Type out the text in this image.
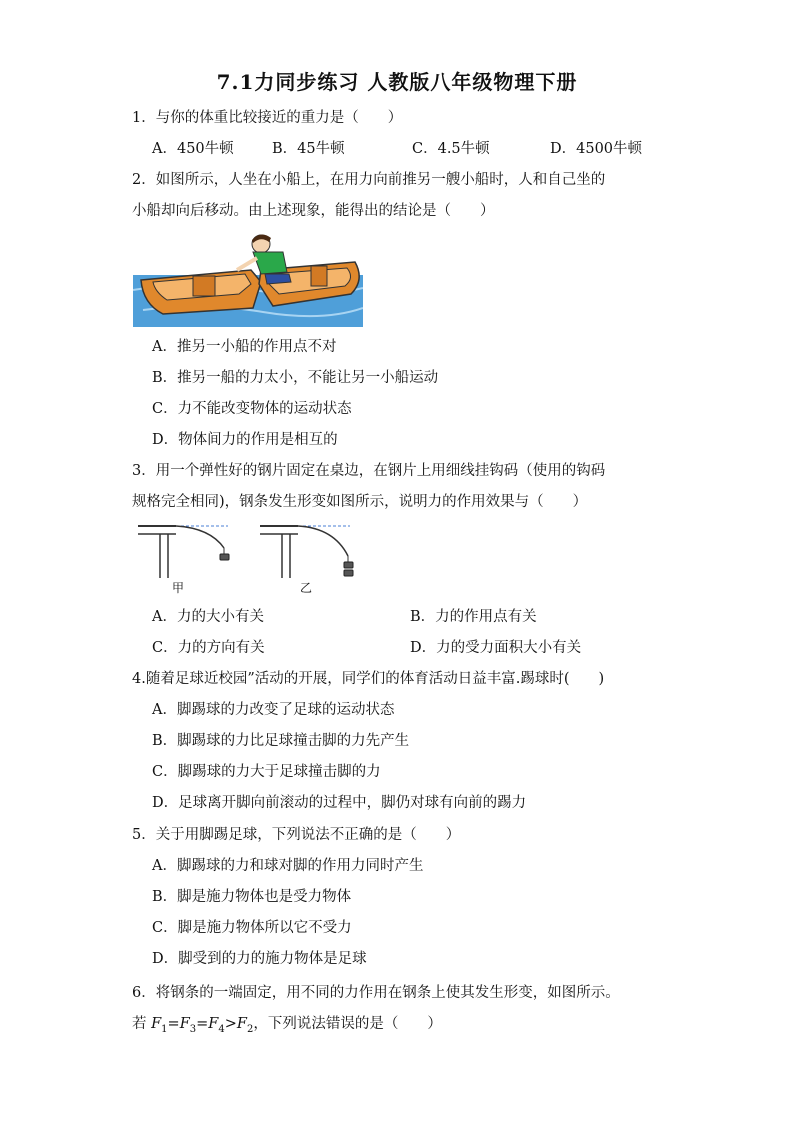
7.1力同步练习 人教版八年级物理下册
1．与你的体重比较接近的重力是（　　）
A．450牛顿	B．45牛顿	C．4.5牛顿	D．4500牛顿
2．如图所示，人坐在小船上，在用力向前推另一艘小船时，人和自己坐的
小船却向后移动。由上述现象，能得出的结论是（　　）
A．推另一小船的作用点不对
B．推另一船的力太小，不能让另一小船运动
C．力不能改变物体的运动状态
D．物体间力的作用是相互的
3．用一个弹性好的钢片固定在桌边，在钢片上用细线挂钩码（使用的钩码
规格完全相同)，钢条发生形变如图所示，说明力的作用效果与（　　）
甲	乙
A．力的大小有关	B．力的作用点有关
C．力的方向有关	D．力的受力面积大小有关
4.随着足球近校园”活动的开展，同学们的体育活动日益丰富.踢球时(　　)
A．脚踢球的力改变了足球的运动状态
B．脚踢球的力比足球撞击脚的力先产生
C．脚踢球的力大于足球撞击脚的力
D．足球离开脚向前滚动的过程中，脚仍对球有向前的踢力
5．关于用脚踢足球，下列说法不正确的是（　　）
A．脚踢球的力和球对脚的作用力同时产生
B．脚是施力物体也是受力物体
C．脚是施力物体所以它不受力
D．脚受到的力的施力物体是足球
6．将钢条的一端固定，用不同的力作用在钢条上使其发生形变，如图所示。
若 $F_1=F_3=F_4>F_2$，下列说法错误的是（　　）
